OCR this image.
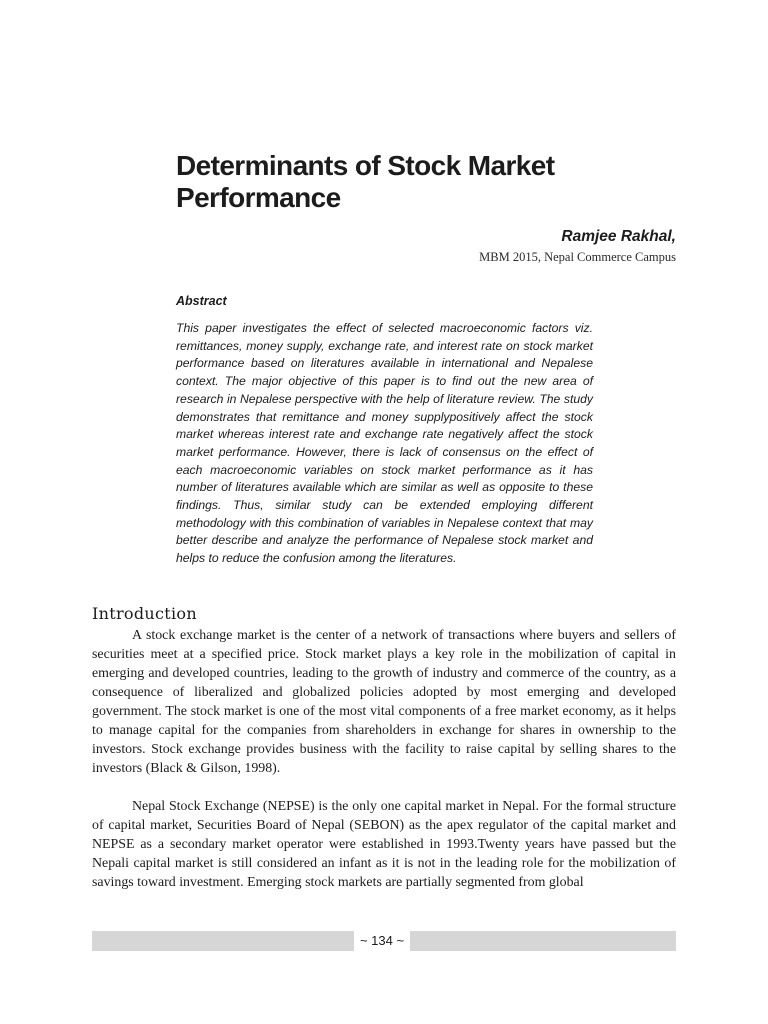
Determinants of Stock Market
Performance
Ramjee Rakhal,
MBM 2015, Nepal Commerce Campus
Abstract

This paper investigates the effect of selected macroeconomic factors viz. remittances, money supply, exchange rate, and interest rate on stock market performance based on literatures available in international and Nepalese context. The major objective of this paper is to find out the new area of research in Nepalese perspective with the help of literature review. The study demonstrates that remittance and money supplypositively affect the stock market whereas interest rate and exchange rate negatively affect the stock market performance. However, there is lack of consensus on the effect of each macroeconomic variables on stock market performance as it has number of literatures available which are similar as well as opposite to these findings. Thus, similar study can be extended employing different methodology with this combination of variables in Nepalese context that may better describe and analyze the performance of Nepalese stock market and helps to reduce the confusion among the literatures.

Introduction

A stock exchange market is the center of a network of transactions where buyers and sellers of securities meet at a specified price. Stock market plays a key role in the mobilization of capital in emerging and developed countries, leading to the growth of industry and commerce of the country, as a consequence of liberalized and globalized policies adopted by most emerging and developed government. The stock market is one of the most vital components of a free market economy, as it helps to manage capital for the companies from shareholders in exchange for shares in ownership to the investors. Stock exchange provides business with the facility to raise capital by selling shares to the investors (Black & Gilson, 1998).

Nepal Stock Exchange (NEPSE) is the only one capital market in Nepal. For the formal structure of capital market, Securities Board of Nepal (SEBON) as the apex regulator of the capital market and NEPSE as a secondary market operator were established in 1993.Twenty years have passed but the Nepali capital market is still considered an infant as it is not in the leading role for the mobilization of savings toward investment. Emerging stock markets are partially segmented from global

~ 134 ~
